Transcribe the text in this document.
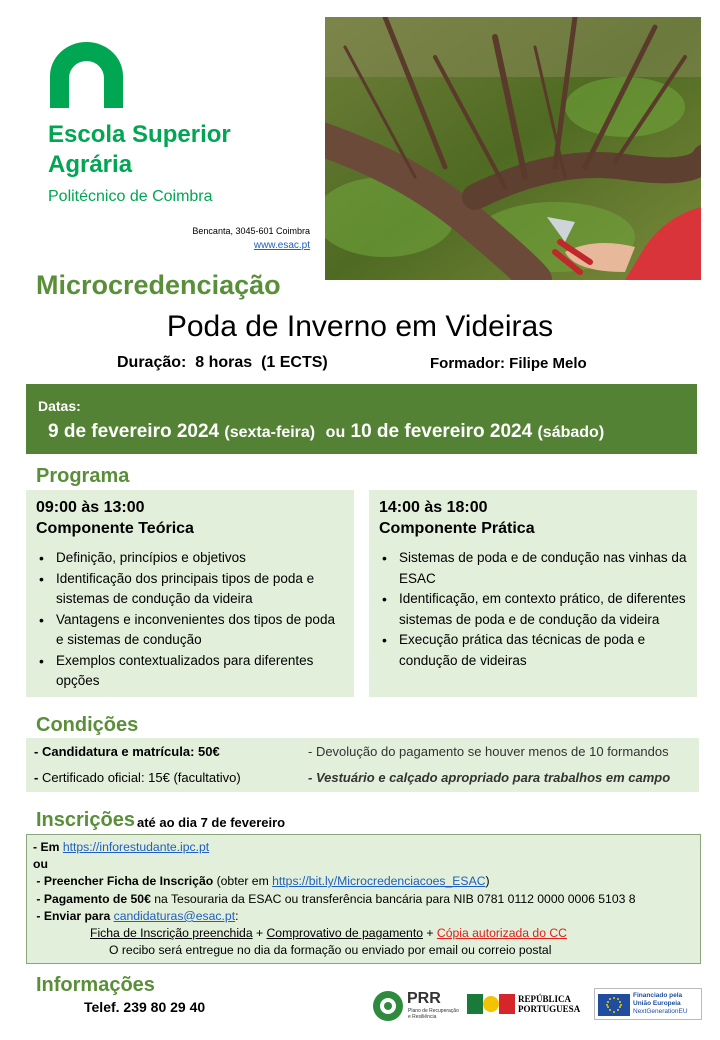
Escola Superior
Agrária
Politécnico de Coimbra
Bencanta, 3045-601 Coimbra
www.esac.pt
Microcredenciação
Poda de Inverno em Videiras
Duração: 8 horas (1 ECTS)	Formador: Filipe Melo
Datas:
9 de fevereiro 2024 (sexta-feira) ou 10 de fevereiro 2024 (sábado)
Programa
09:00 às 13:00
Componente Teórica
• Definição, princípios e objetivos
• Identificação dos principais tipos de poda e sistemas de condução da videira
• Vantagens e inconvenientes dos tipos de poda e sistemas de condução
• Exemplos contextualizados para diferentes opções
14:00 às 18:00
Componente Prática
• Sistemas de poda e de condução nas vinhas da ESAC
• Identificação, em contexto prático, de diferentes sistemas de poda e de condução da videira
• Execução prática das técnicas de poda e condução de videiras
Condições
- Candidatura e matrícula: 50€
- Certificado oficial: 15€ (facultativo)
- Devolução do pagamento se houver menos de 10 formandos
- Vestuário e calçado apropriado para trabalhos em campo
Inscrições até ao dia 7 de fevereiro
- Em https://inforestudante.ipc.pt
ou
- Preencher Ficha de Inscrição (obter em https://bit.ly/Microcredenciacoes_ESAC)
- Pagamento de 50€ na Tesouraria da ESAC ou transferência bancária para NIB 0781 0112 0000 0006 5103 8
- Enviar para candidaturas@esac.pt:
Ficha de Inscrição preenchida + Comprovativo de pagamento + Cópia autorizada do CC
O recibo será entregue no dia da formação ou enviado por email ou correio postal
Informações
Telef. 239 80 29 40	PRR
Plano de Recuperação
e Resiliência
REPÚBLICA
PORTUGUESA
Financiado pela
União Europeia
NextGenerationEU
